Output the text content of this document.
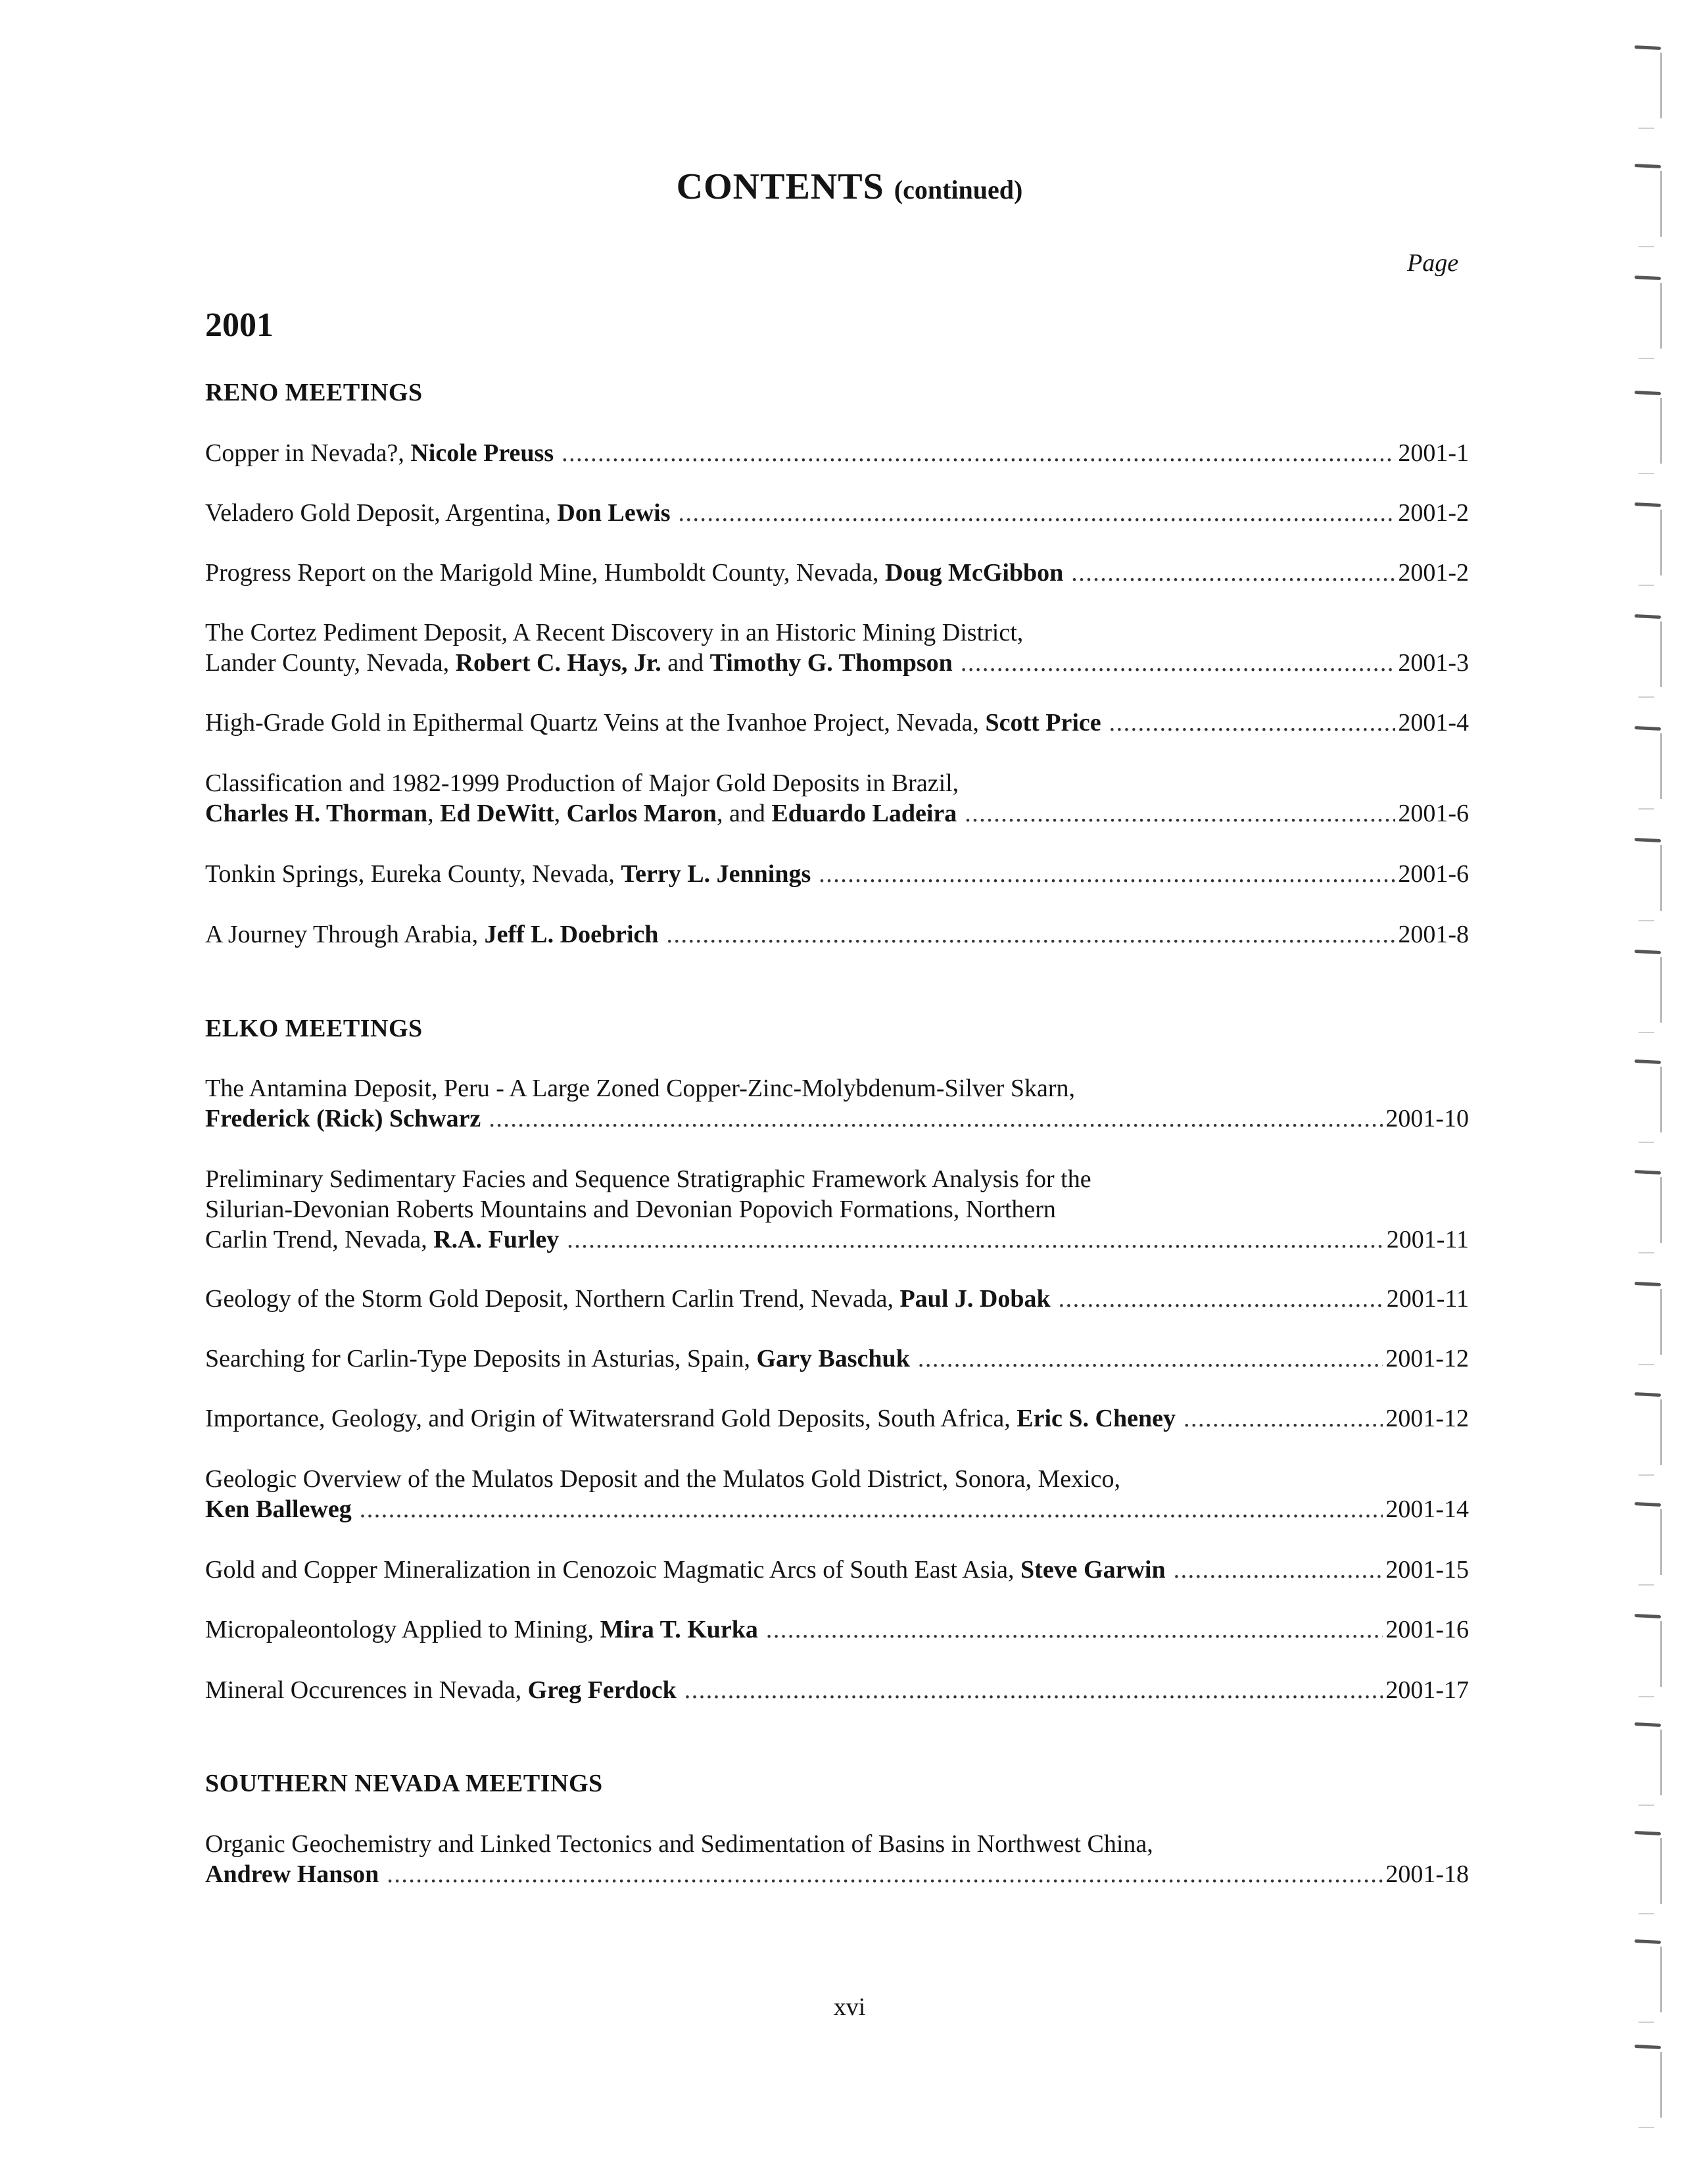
CONTENTS (continued)
Page
2001
RENO MEETINGS
Copper in Nevada?, Nicole Preuss . . .	2001-1
Veladero Gold Deposit, Argentina, Don Lewis . . .	2001-2
Progress Report on the Marigold Mine, Humboldt County, Nevada, Doug McGibbon . . .	2001-2
The Cortez Pediment Deposit, A Recent Discovery in an Historic Mining District,
Lander County, Nevada, Robert C. Hays, Jr. and Timothy G. Thompson . . .	2001-3
High-Grade Gold in Epithermal Quartz Veins at the Ivanhoe Project, Nevada, Scott Price . . .	2001-4
Classification and 1982-1999 Production of Major Gold Deposits in Brazil,
Charles H. Thorman, Ed DeWitt, Carlos Maron, and Eduardo Ladeira . . .	2001-6
Tonkin Springs, Eureka County, Nevada, Terry L. Jennings . . .	2001-6
A Journey Through Arabia, Jeff L. Doebrich . . .	2001-8
ELKO MEETINGS
The Antamina Deposit, Peru - A Large Zoned Copper-Zinc-Molybdenum-Silver Skarn,
Frederick (Rick) Schwarz . . .	2001-10
Preliminary Sedimentary Facies and Sequence Stratigraphic Framework Analysis for the
Silurian-Devonian Roberts Mountains and Devonian Popovich Formations, Northern
Carlin Trend, Nevada, R.A. Furley . . .	2001-11
Geology of the Storm Gold Deposit, Northern Carlin Trend, Nevada, Paul J. Dobak . . .	2001-11
Searching for Carlin-Type Deposits in Asturias, Spain, Gary Baschuk . . .	2001-12
Importance, Geology, and Origin of Witwatersrand Gold Deposits, South Africa, Eric S. Cheney . . .	2001-12
Geologic Overview of the Mulatos Deposit and the Mulatos Gold District, Sonora, Mexico,
Ken Balleweg . . .	2001-14
Gold and Copper Mineralization in Cenozoic Magmatic Arcs of South East Asia, Steve Garwin . . .	2001-15
Micropaleontology Applied to Mining, Mira T. Kurka . . .	2001-16
Mineral Occurences in Nevada, Greg Ferdock . . .	2001-17
SOUTHERN NEVADA MEETINGS
Organic Geochemistry and Linked Tectonics and Sedimentation of Basins in Northwest China,
Andrew Hanson . . .	2001-18
xvi
